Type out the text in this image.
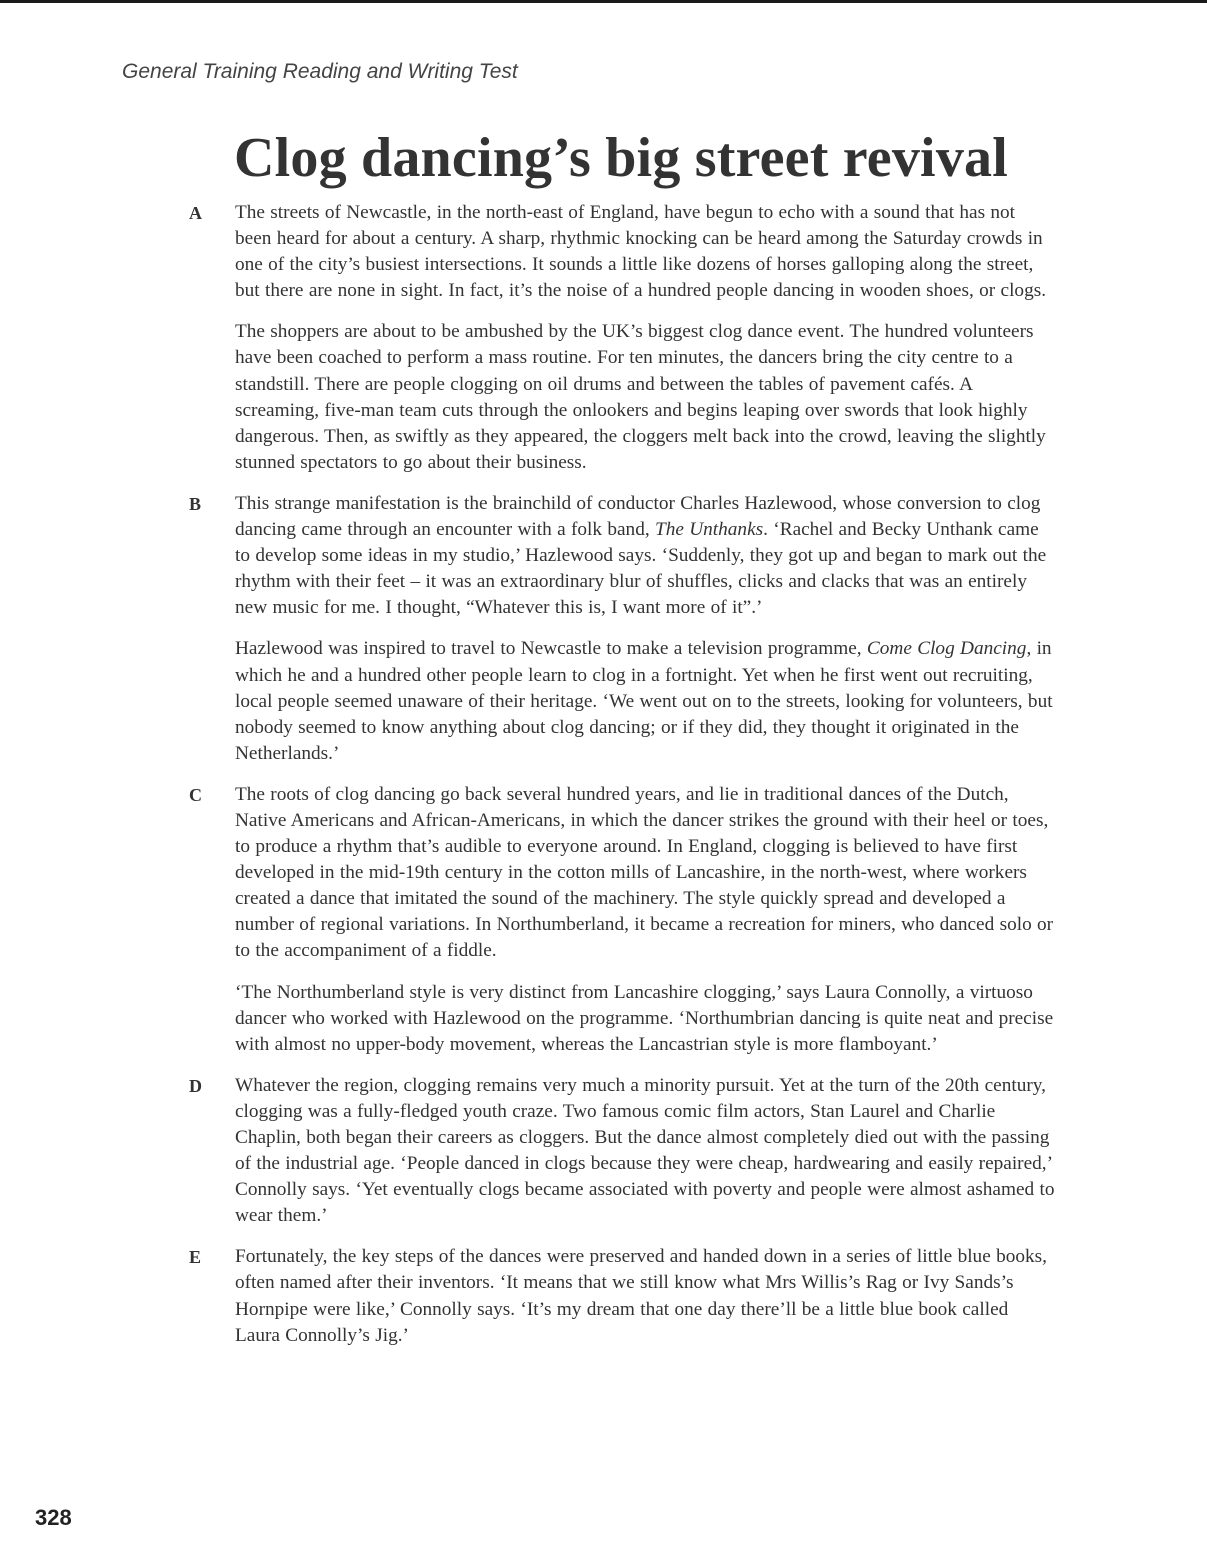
General Training Reading and Writing Test
Clog dancing’s big street revival

A The streets of Newcastle, in the north-east of England, have begun to echo with a sound that has not been heard for about a century. A sharp, rhythmic knocking can be heard among the Saturday crowds in one of the city’s busiest intersections. It sounds a little like dozens of horses galloping along the street, but there are none in sight. In fact, it’s the noise of a hundred people dancing in wooden shoes, or clogs.

The shoppers are about to be ambushed by the UK’s biggest clog dance event. The hundred volunteers have been coached to perform a mass routine. For ten minutes, the dancers bring the city centre to a standstill. There are people clogging on oil drums and between the tables of pavement cafés. A screaming, five-man team cuts through the onlookers and begins leaping over swords that look highly dangerous. Then, as swiftly as they appeared, the cloggers melt back into the crowd, leaving the slightly stunned spectators to go about their business.

B This strange manifestation is the brainchild of conductor Charles Hazlewood, whose conversion to clog dancing came through an encounter with a folk band, The Unthanks. ‘Rachel and Becky Unthank came to develop some ideas in my studio,’ Hazlewood says. ‘Suddenly, they got up and began to mark out the rhythm with their feet – it was an extraordinary blur of shuffles, clicks and clacks that was an entirely new music for me. I thought, “Whatever this is, I want more of it”.’

Hazlewood was inspired to travel to Newcastle to make a television programme, Come Clog Dancing, in which he and a hundred other people learn to clog in a fortnight. Yet when he first went out recruiting, local people seemed unaware of their heritage. ‘We went out on to the streets, looking for volunteers, but nobody seemed to know anything about clog dancing; or if they did, they thought it originated in the Netherlands.’

C The roots of clog dancing go back several hundred years, and lie in traditional dances of the Dutch, Native Americans and African-Americans, in which the dancer strikes the ground with their heel or toes, to produce a rhythm that’s audible to everyone around. In England, clogging is believed to have first developed in the mid-19th century in the cotton mills of Lancashire, in the north-west, where workers created a dance that imitated the sound of the machinery. The style quickly spread and developed a number of regional variations. In Northumberland, it became a recreation for miners, who danced solo or to the accompaniment of a fiddle.

‘The Northumberland style is very distinct from Lancashire clogging,’ says Laura Connolly, a virtuoso dancer who worked with Hazlewood on the programme. ‘Northumbrian dancing is quite neat and precise with almost no upper-body movement, whereas the Lancastrian style is more flamboyant.’

D Whatever the region, clogging remains very much a minority pursuit. Yet at the turn of the 20th century, clogging was a fully-fledged youth craze. Two famous comic film actors, Stan Laurel and Charlie Chaplin, both began their careers as cloggers. But the dance almost completely died out with the passing of the industrial age. ‘People danced in clogs because they were cheap, hardwearing and easily repaired,’ Connolly says. ‘Yet eventually clogs became associated with poverty and people were almost ashamed to wear them.’

E Fortunately, the key steps of the dances were preserved and handed down in a series of little blue books, often named after their inventors. ‘It means that we still know what Mrs Willis’s Rag or Ivy Sands’s Hornpipe were like,’ Connolly says. ‘It’s my dream that one day there’ll be a little blue book called Laura Connolly’s Jig.’

328
